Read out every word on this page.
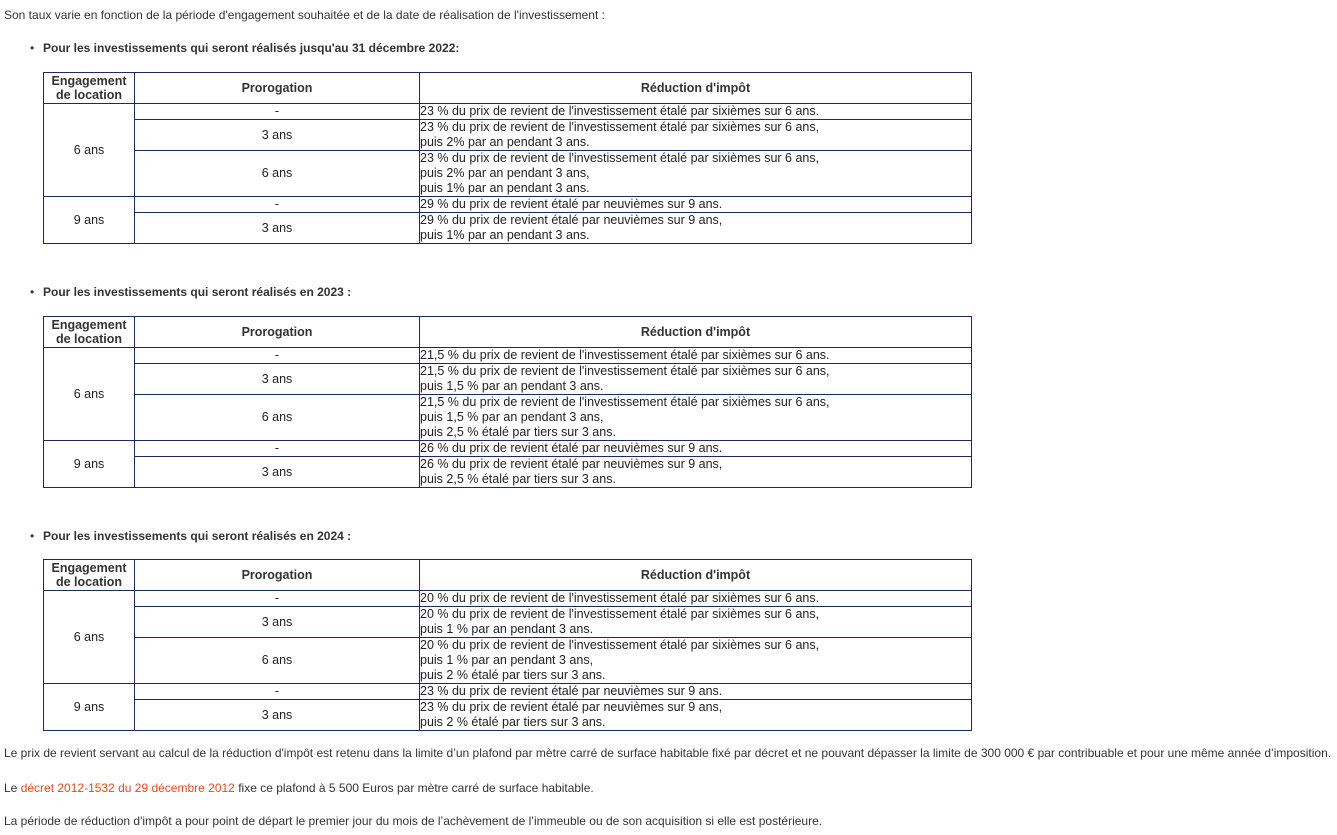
Son taux varie en fonction de la période d'engagement souhaitée et de la date de réalisation de l'investissement :

• Pour les investissements qui seront réalisés jusqu'au 31 décembre 2022:

Engagement de location	Prorogation	Réduction d'impôt
6 ans	-	23 % du prix de revient de l'investissement étalé par sixièmes sur 6 ans.
	3 ans	23 % du prix de revient de l'investissement étalé par sixièmes sur 6 ans,
puis 2% par an pendant 3 ans.
	6 ans	23 % du prix de revient de l'investissement étalé par sixièmes sur 6 ans,
puis 2% par an pendant 3 ans,
puis 1% par an pendant 3 ans.
9 ans	-	29 % du prix de revient étalé par neuvièmes sur 9 ans.
	3 ans	29 % du prix de revient étalé par neuvièmes sur 9 ans,
puis 1% par an pendant 3 ans.

• Pour les investissements qui seront réalisés en 2023 :

Engagement de location	Prorogation	Réduction d'impôt
6 ans	-	21,5 % du prix de revient de l'investissement étalé par sixièmes sur 6 ans.
	3 ans	21,5 % du prix de revient de l'investissement étalé par sixièmes sur 6 ans,
puis 1,5 % par an pendant 3 ans.
	6 ans	21,5 % du prix de revient de l'investissement étalé par sixièmes sur 6 ans,
puis 1,5 % par an pendant 3 ans,
puis 2,5 % étalé par tiers sur 3 ans.
9 ans	-	26 % du prix de revient étalé par neuvièmes sur 9 ans.
	3 ans	26 % du prix de revient étalé par neuvièmes sur 9 ans,
puis 2,5 % étalé par tiers sur 3 ans.

• Pour les investissements qui seront réalisés en 2024 :

Engagement de location	Prorogation	Réduction d'impôt
6 ans	-	20 % du prix de revient de l'investissement étalé par sixièmes sur 6 ans.
	3 ans	20 % du prix de revient de l'investissement étalé par sixièmes sur 6 ans,
puis 1 % par an pendant 3 ans.
	6 ans	20 % du prix de revient de l'investissement étalé par sixièmes sur 6 ans,
puis 1 % par an pendant 3 ans,
puis 2 % étalé par tiers sur 3 ans.
9 ans	-	23 % du prix de revient étalé par neuvièmes sur 9 ans.
	3 ans	23 % du prix de revient étalé par neuvièmes sur 9 ans,
puis 2 % étalé par tiers sur 3 ans.

Le prix de revient servant au calcul de la réduction d'impôt est retenu dans la limite d’un plafond par mètre carré de surface habitable fixé par décret et ne pouvant dépasser la limite de 300 000 € par contribuable et pour une même année d’imposition.

Le décret 2012-1532 du 29 décembre 2012 fixe ce plafond à 5 500 Euros par mètre carré de surface habitable.

La période de réduction d'impôt a pour point de départ le premier jour du mois de l’achèvement de l’immeuble ou de son acquisition si elle est postérieure.
